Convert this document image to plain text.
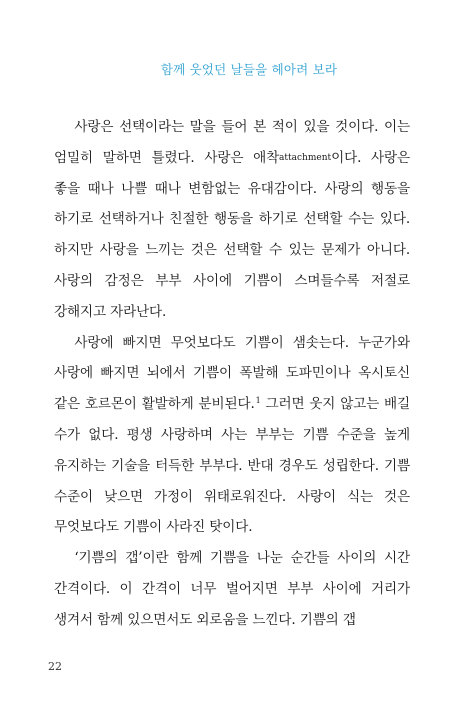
함께 웃었던 날들을 헤아려 보라

사랑은 선택이라는 말을 들어 본 적이 있을 것이다. 이는 엄밀히 말하면 틀렸다. 사랑은 애착attachment이다. 사랑은 좋을 때나 나쁠 때나 변함없는 유대감이다. 사랑의 행동을 하기로 선택하거나 친절한 행동을 하기로 선택할 수는 있다. 하지만 사랑을 느끼는 것은 선택할 수 있는 문제가 아니다. 사랑의 감정은 부부 사이에 기쁨이 스며들수록 저절로 강해지고 자라난다.

사랑에 빠지면 무엇보다도 기쁨이 샘솟는다. 누군가와 사랑에 빠지면 뇌에서 기쁨이 폭발해 도파민이나 옥시토신 같은 호르몬이 활발하게 분비된다.$^1$ 그러면 웃지 않고는 배길 수가 없다. 평생 사랑하며 사는 부부는 기쁨 수준을 높게 유지하는 기술을 터득한 부부다. 반대 경우도 성립한다. 기쁨 수준이 낮으면 가정이 위태로워진다. 사랑이 식는 것은 무엇보다도 기쁨이 사라진 탓이다.

‘기쁨의 갭’이란 함께 기쁨을 나눈 순간들 사이의 시간 간격이다. 이 간격이 너무 벌어지면 부부 사이에 거리가 생겨서 함께 있으면서도 외로움을 느낀다. 기쁨의 갭

22
